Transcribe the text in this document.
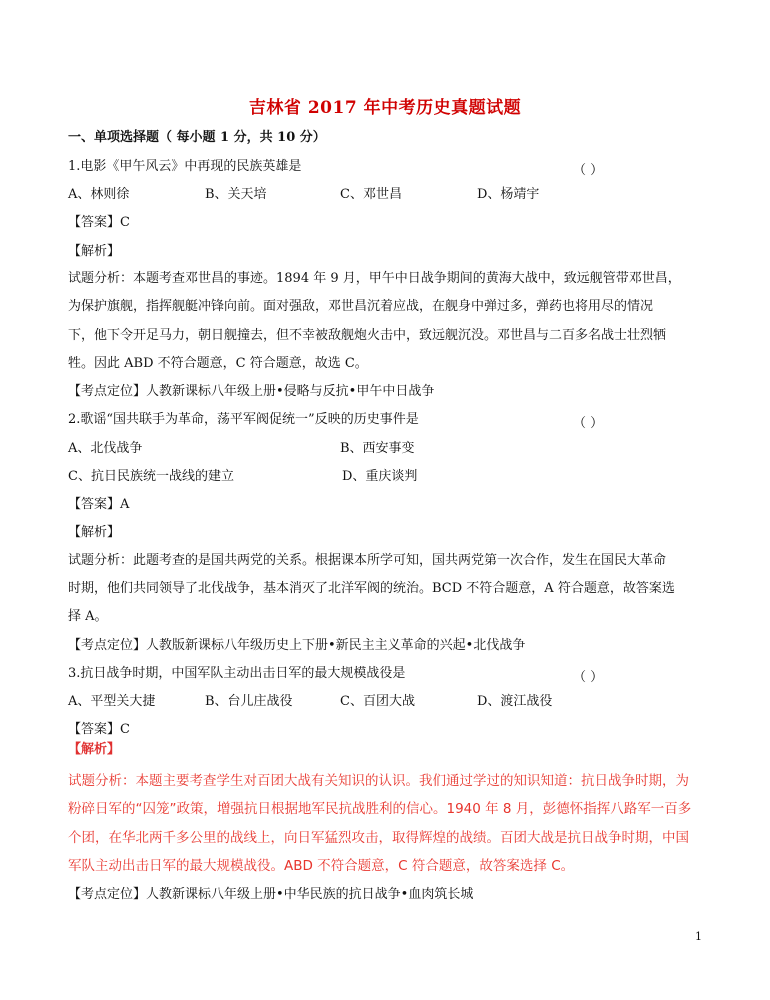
吉林省 2017 年中考历史真题试题
一、单项选择题（ 每小题 1 分，共 10 分）
1.电影《甲午风云》中再现的民族英雄是	（ ）
A、林则徐	B、关天培	C、邓世昌	D、杨靖宇
【答案】C
【解析】
试题分析：本题考查邓世昌的事迹。1894 年 9 月，甲午中日战争期间的黄海大战中，致远舰管带邓世昌，
为保护旗舰，指挥舰艇冲锋向前。面对强敌，邓世昌沉着应战，在舰身中弹过多，弹药也将用尽的情况
下，他下令开足马力，朝日舰撞去，但不幸被敌舰炮火击中，致远舰沉没。邓世昌与二百多名战士壮烈牺
牲。因此 ABD 不符合题意，C 符合题意，故选 C。
【考点定位】人教新课标八年级上册•侵略与反抗•甲午中日战争
2.歌谣“国共联手为革命，荡平军阀促统一”反映的历史事件是	（ ）
A、北伐战争	B、西安事变
C、抗日民族统一战线的建立	D、重庆谈判
【答案】A
【解析】
试题分析：此题考查的是国共两党的关系。根据课本所学可知，国共两党第一次合作，发生在国民大革命
时期，他们共同领导了北伐战争，基本消灭了北洋军阀的统治。BCD 不符合题意，A 符合题意，故答案选
择 A。
【考点定位】人教版新课标八年级历史上下册•新民主主义革命的兴起•北伐战争
3.抗日战争时期，中国军队主动出击日军的最大规模战役是	（ ）
A、平型关大捷	B、台儿庄战役	C、百团大战	D、渡江战役
【答案】C
【解析】
试题分析：本题主要考查学生对百团大战有关知识的认识。我们通过学过的知识知道：抗日战争时期，为
粉碎日军的“囚笼”政策，增强抗日根据地军民抗战胜利的信心。1940 年 8 月，彭德怀指挥八路军一百多
个团，在华北两千多公里的战线上，向日军猛烈攻击，取得辉煌的战绩。百团大战是抗日战争时期，中国
军队主动出击日军的最大规模战役。ABD 不符合题意，C 符合题意，故答案选择 C。
【考点定位】人教新课标八年级上册•中华民族的抗日战争•血肉筑长城
1
